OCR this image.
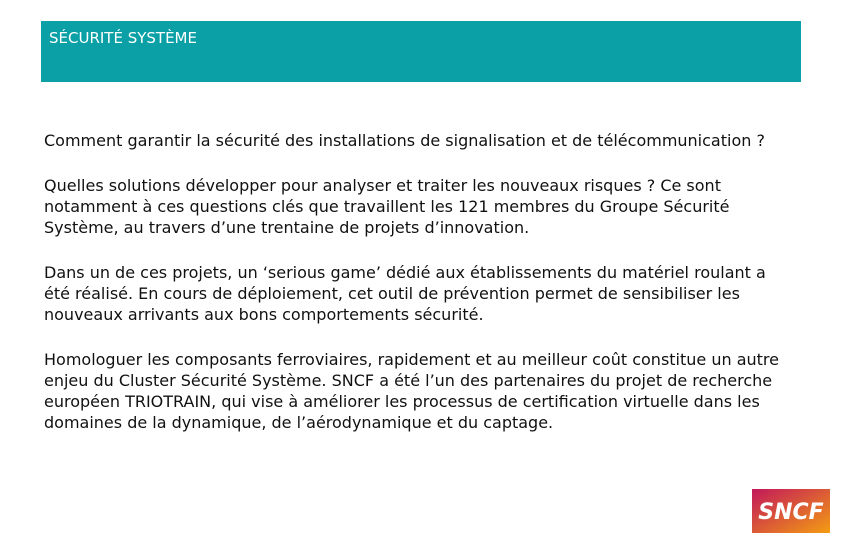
SÉCURITÉ SYSTÈME

Comment garantir la sécurité des installations de signalisation et de télécommunication ?

Quelles solutions développer pour analyser et traiter les nouveaux risques ? Ce sont notamment à ces questions clés que travaillent les 121 membres du Groupe Sécurité Système, au travers d’une trentaine de projets d’innovation.

Dans un de ces projets, un ‘serious game’ dédié aux établissements du matériel roulant a été réalisé. En cours de déploiement, cet outil de prévention permet de sensibiliser les nouveaux arrivants aux bons comportements sécurité.

Homologuer les composants ferroviaires, rapidement et au meilleur coût constitue un autre enjeu du Cluster Sécurité Système. SNCF a été l’un des partenaires du projet de recherche européen TRIOTRAIN, qui vise à améliorer les processus de certification virtuelle dans les domaines de la dynamique, de l’aérodynamique et du captage.

SNCF
